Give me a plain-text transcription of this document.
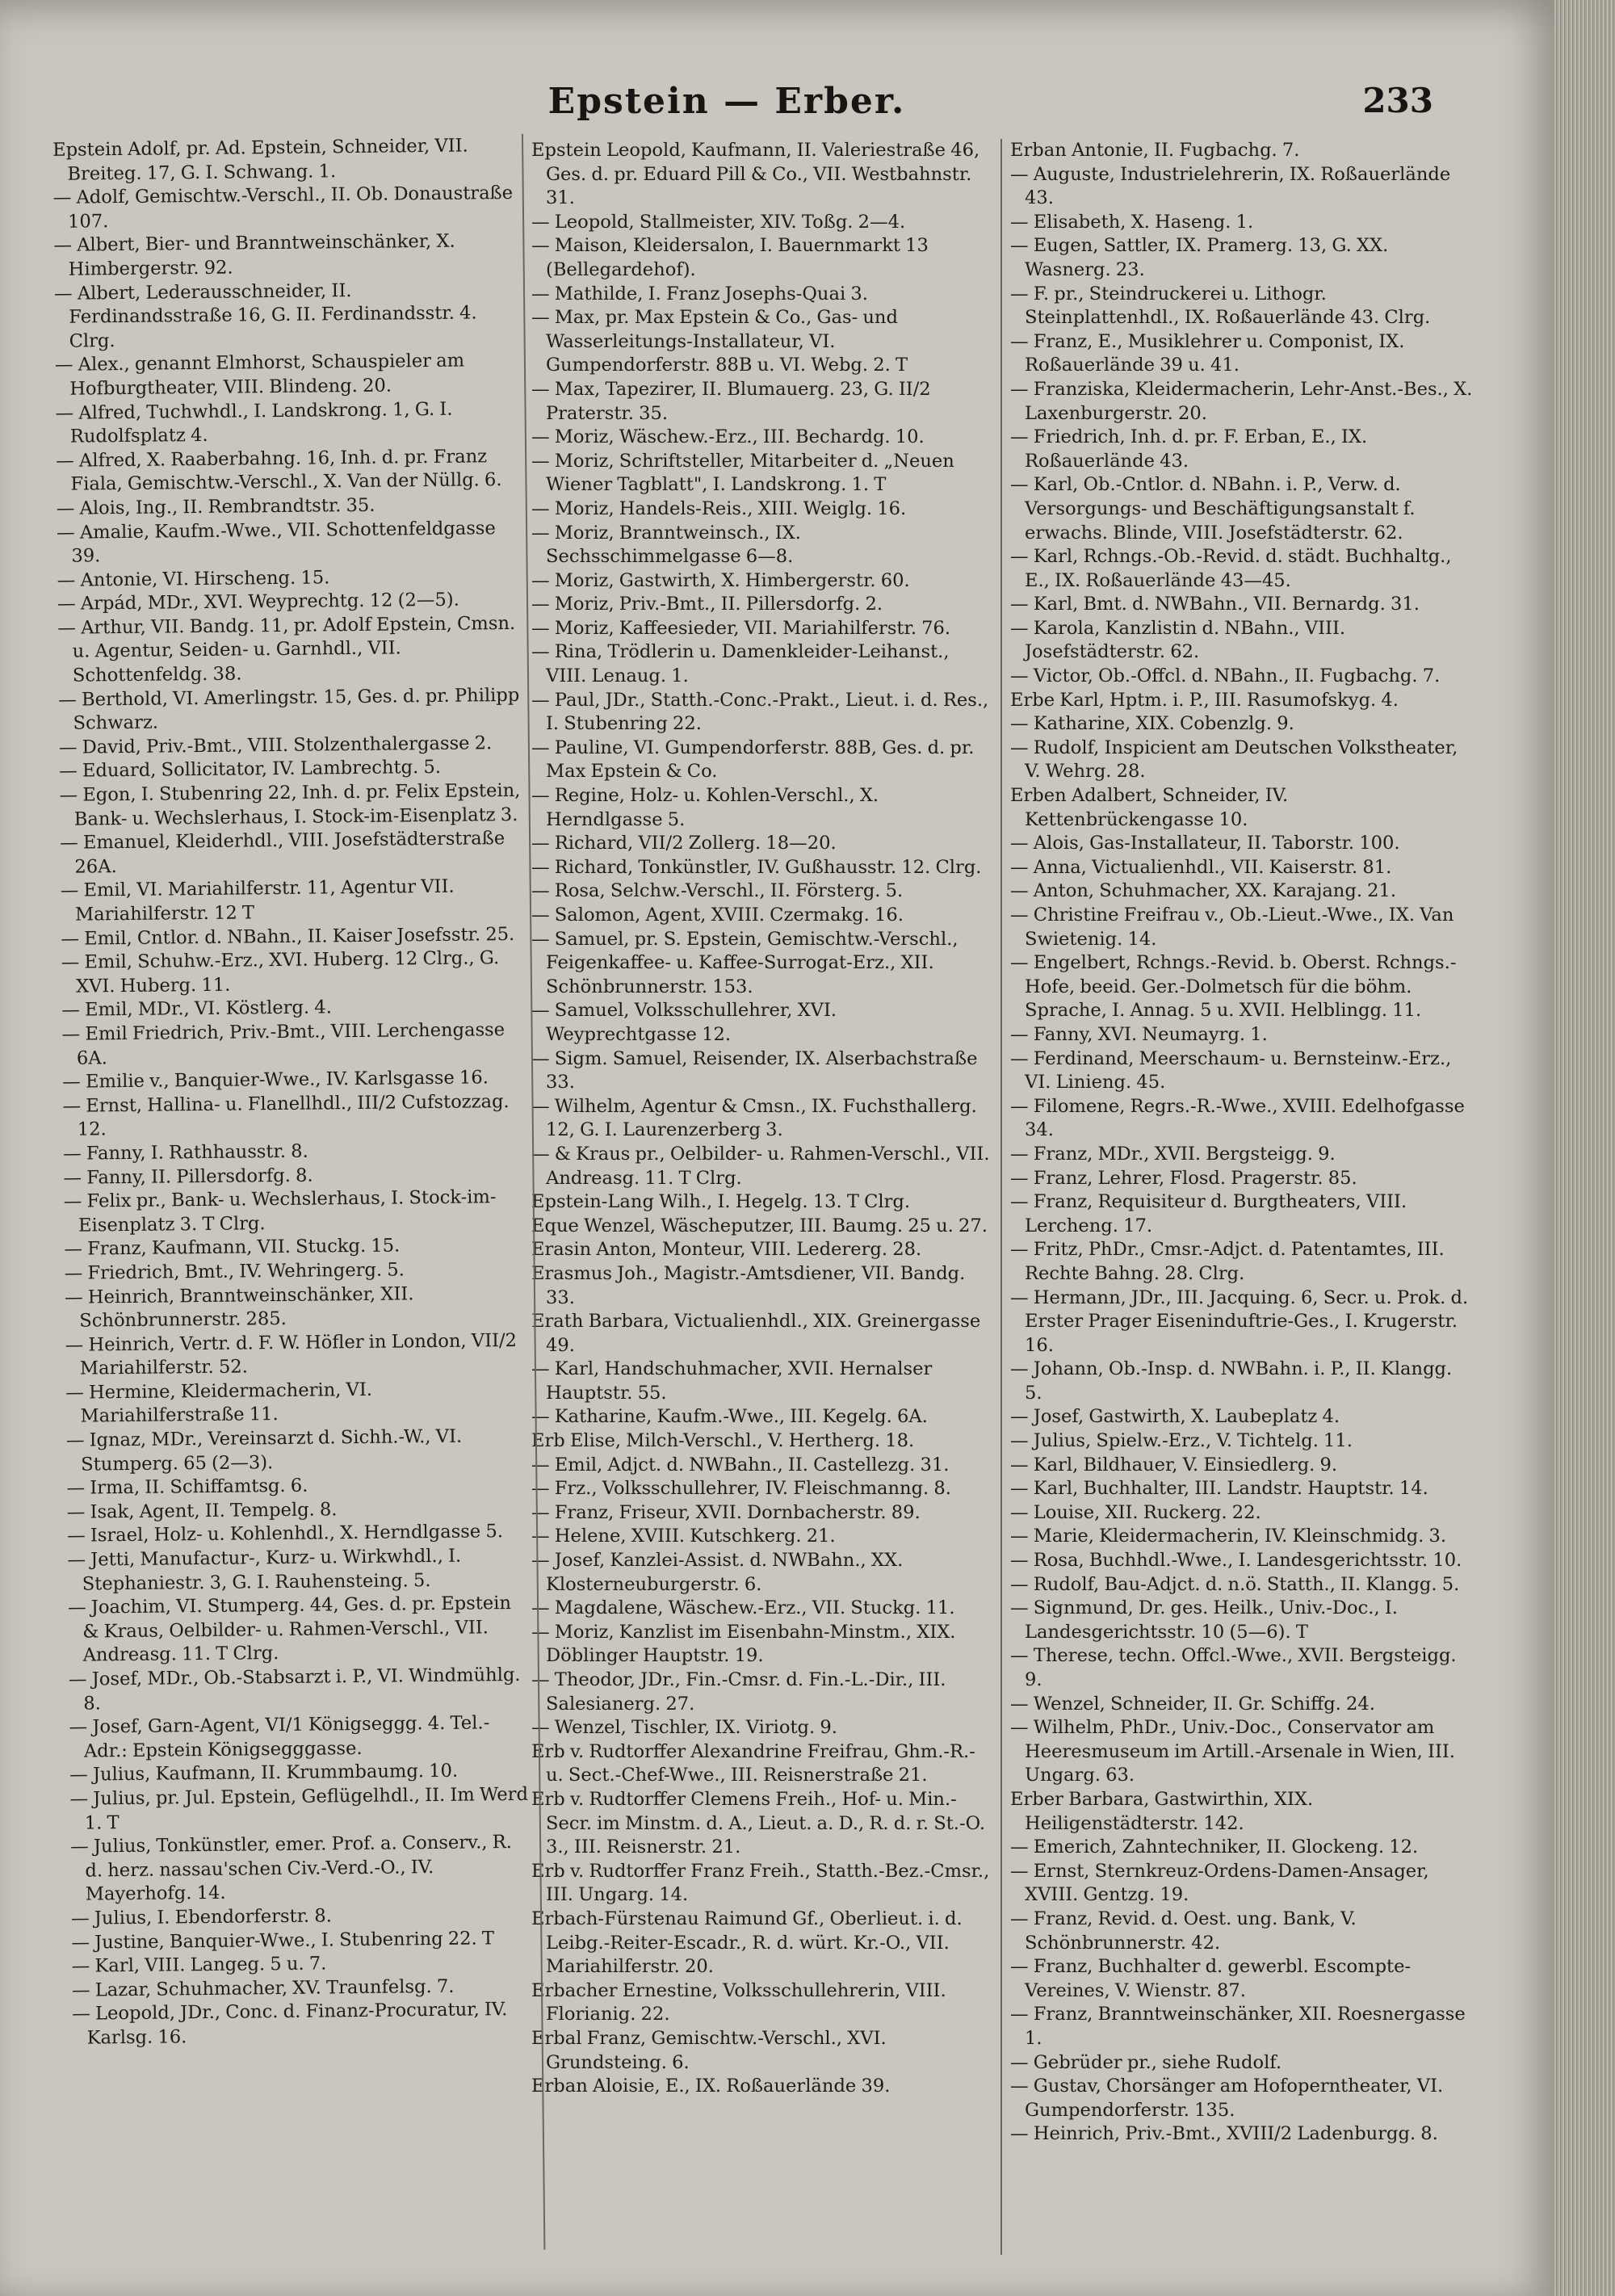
Epstein — Erber.	233
Epstein Adolf, pr. Ad. Epstein, Schneider, VII. Breiteg. 17, G. I. Schwang. 1.
— Adolf, Gemischtw.-Verschl., II. Ob. Donaustraße 107.
— Albert, Bier- und Branntweinschänker, X. Himbergerstr. 92.
— Albert, Lederausschneider, II. Ferdinandsstraße 16, G. II. Ferdinandsstr. 4. Clrg.
— Alex., genannt Elmhorst, Schauspieler am Hofburgtheater, VIII. Blindeng. 20.
— Alfred, Tuchwhdl., I. Landskrong. 1, G. I. Rudolfsplatz 4.
— Alfred, X. Raaberbahng. 16, Inh. d. pr. Franz Fiala, Gemischtw.-Verschl., X. Van der Nüllg. 6.
— Alois, Ing., II. Rembrandtstr. 35.
— Amalie, Kaufm.-Wwe., VII. Schottenfeldgasse 39.
— Antonie, VI. Hirscheng. 15.
— Arpád, MDr., XVI. Weyprechtg. 12 (2—5).
— Arthur, VII. Bandg. 11, pr. Adolf Epstein, Cmsn. u. Agentur, Seiden- u. Garnhdl., VII. Schottenfeldg. 38.
— Berthold, VI. Amerlingstr. 15, Ges. d. pr. Philipp Schwarz.
— David, Priv.-Bmt., VIII. Stolzenthalergasse 2.
— Eduard, Sollicitator, IV. Lambrechtg. 5.
— Egon, I. Stubenring 22, Inh. d. pr. Felix Epstein, Bank- u. Wechslerhaus, I. Stock-im-Eisenplatz 3.
— Emanuel, Kleiderhdl., VIII. Josefstädterstraße 26A.
— Emil, VI. Mariahilferstr. 11, Agentur VII. Mariahilferstr. 12 T
— Emil, Cntlor. d. NBahn., II. Kaiser Josefsstr. 25.
— Emil, Schuhw.-Erz., XVI. Huberg. 12 Clrg., G. XVI. Huberg. 11.
— Emil, MDr., VI. Köstlerg. 4.
— Emil Friedrich, Priv.-Bmt., VIII. Lerchengasse 6A.
— Emilie v., Banquier-Wwe., IV. Karlsgasse 16.
— Ernst, Hallina- u. Flanellhdl., III/2 Cufstozzag. 12.
— Fanny, I. Rathhausstr. 8.
— Fanny, II. Pillersdorfg. 8.
— Felix pr., Bank- u. Wechslerhaus, I. Stock-im-Eisenplatz 3. T Clrg.
— Franz, Kaufmann, VII. Stuckg. 15.
— Friedrich, Bmt., IV. Wehringerg. 5.
— Heinrich, Branntweinschänker, XII. Schönbrunnerstr. 285.
— Heinrich, Vertr. d. F. W. Höfler in London, VII/2 Mariahilferstr. 52.
— Hermine, Kleidermacherin, VI. Mariahilferstraße 11.
— Ignaz, MDr., Vereinsarzt d. Sichh.-W., VI. Stumperg. 65 (2—3).
— Irma, II. Schiffamtsg. 6.
— Isak, Agent, II. Tempelg. 8.
— Israel, Holz- u. Kohlenhdl., X. Herndlgasse 5.
— Jetti, Manufactur-, Kurz- u. Wirkwhdl., I. Stephaniestr. 3, G. I. Rauhensteing. 5.
— Joachim, VI. Stumperg. 44, Ges. d. pr. Epstein & Kraus, Oelbilder- u. Rahmen-Verschl., VII. Andreasg. 11. T Clrg.
— Josef, MDr., Ob.-Stabsarzt i. P., VI. Windmühlg. 8.
— Josef, Garn-Agent, VI/1 Königseggg. 4. Tel.-Adr.: Epstein Königsegggasse.
— Julius, Kaufmann, II. Krummbaumg. 10.
— Julius, pr. Jul. Epstein, Geflügelhdl., II. Im Werd 1. T
— Julius, Tonkünstler, emer. Prof. a. Conserv., R. d. herz. nassau'schen Civ.-Verd.-O., IV. Mayerhofg. 14.
— Julius, I. Ebendorferstr. 8.
— Justine, Banquier-Wwe., I. Stubenring 22. T
— Karl, VIII. Langeg. 5 u. 7.
— Lazar, Schuhmacher, XV. Traunfelsg. 7.
— Leopold, JDr., Conc. d. Finanz-Procuratur, IV. Karlsg. 16.
Epstein Leopold, Kaufmann, II. Valeriestraße 46, Ges. d. pr. Eduard Pill & Co., VII. Westbahnstr. 31.
— Leopold, Stallmeister, XIV. Toßg. 2—4.
— Maison, Kleidersalon, I. Bauernmarkt 13 (Bellegardehof).
— Mathilde, I. Franz Josephs-Quai 3.
— Max, pr. Max Epstein & Co., Gas- und Wasserleitungs-Installateur, VI. Gumpendorferstr. 88B u. VI. Webg. 2. T
— Max, Tapezirer, II. Blumauerg. 23, G. II/2 Praterstr. 35.
— Moriz, Wäschew.-Erz., III. Bechardg. 10.
— Moriz, Schriftsteller, Mitarbeiter d. „Neuen Wiener Tagblatt", I. Landskrong. 1. T
— Moriz, Handels-Reis., XIII. Weiglg. 16.
— Moriz, Branntweinsch., IX. Sechsschimmelgasse 6—8.
— Moriz, Gastwirth, X. Himbergerstr. 60.
— Moriz, Priv.-Bmt., II. Pillersdorfg. 2.
— Moriz, Kaffeesieder, VII. Mariahilferstr. 76.
— Rina, Trödlerin u. Damenkleider-Leihanst., VIII. Lenaug. 1.
— Paul, JDr., Statth.-Conc.-Prakt., Lieut. i. d. Res., I. Stubenring 22.
— Pauline, VI. Gumpendorferstr. 88B, Ges. d. pr. Max Epstein & Co.
— Regine, Holz- u. Kohlen-Verschl., X. Herndlgasse 5.
— Richard, VII/2 Zollerg. 18—20.
— Richard, Tonkünstler, IV. Gußhausstr. 12. Clrg.
— Rosa, Selchw.-Verschl., II. Försterg. 5.
— Salomon, Agent, XVIII. Czermakg. 16.
— Samuel, pr. S. Epstein, Gemischtw.-Verschl., Feigenkaffee- u. Kaffee-Surrogat-Erz., XII. Schönbrunnerstr. 153.
— Samuel, Volksschullehrer, XVI. Weyprechtgasse 12.
— Sigm. Samuel, Reisender, IX. Alserbachstraße 33.
— Wilhelm, Agentur & Cmsn., IX. Fuchsthallerg. 12, G. I. Laurenzerberg 3.
— & Kraus pr., Oelbilder- u. Rahmen-Verschl., VII. Andreasg. 11. T Clrg.
Epstein-Lang Wilh., I. Hegelg. 13. T Clrg.
Eque Wenzel, Wäscheputzer, III. Baumg. 25 u. 27.
Erasin Anton, Monteur, VIII. Ledererg. 28.
Erasmus Joh., Magistr.-Amtsdiener, VII. Bandg. 33.
Erath Barbara, Victualienhdl., XIX. Greinergasse 49.
— Karl, Handschuhmacher, XVII. Hernalser Hauptstr. 55.
— Katharine, Kaufm.-Wwe., III. Kegelg. 6A.
Erb Elise, Milch-Verschl., V. Hertherg. 18.
— Emil, Adjct. d. NWBahn., II. Castellezg. 31.
— Frz., Volksschullehrer, IV. Fleischmanng. 8.
— Franz, Friseur, XVII. Dornbacherstr. 89.
— Helene, XVIII. Kutschkerg. 21.
— Josef, Kanzlei-Assist. d. NWBahn., XX. Klosterneuburgerstr. 6.
— Magdalene, Wäschew.-Erz., VII. Stuckg. 11.
— Moriz, Kanzlist im Eisenbahn-Minstm., XIX. Döblinger Hauptstr. 19.
— Theodor, JDr., Fin.-Cmsr. d. Fin.-L.-Dir., III. Salesianerg. 27.
— Wenzel, Tischler, IX. Viriotg. 9.
Erb v. Rudtorffer Alexandrine Freifrau, Ghm.-R.- u. Sect.-Chef-Wwe., III. Reisnerstraße 21.
Erb v. Rudtorffer Clemens Freih., Hof- u. Min.-Secr. im Minstm. d. A., Lieut. a. D., R. d. r. St.-O. 3., III. Reisnerstr. 21.
Erb v. Rudtorffer Franz Freih., Statth.-Bez.-Cmsr., III. Ungarg. 14.
Erbach-Fürstenau Raimund Gf., Oberlieut. i. d. Leibg.-Reiter-Escadr., R. d. würt. Kr.-O., VII. Mariahilferstr. 20.
Erbacher Ernestine, Volksschullehrerin, VIII. Florianig. 22.
Erbal Franz, Gemischtw.-Verschl., XVI. Grundsteing. 6.
Erban Aloisie, E., IX. Roßauerlände 39.
Erban Antonie, II. Fugbachg. 7.
— Auguste, Industrielehrerin, IX. Roßauerlände 43.
— Elisabeth, X. Haseng. 1.
— Eugen, Sattler, IX. Pramerg. 13, G. XX. Wasnerg. 23.
— F. pr., Steindruckerei u. Lithogr. Steinplattenhdl., IX. Roßauerlände 43. Clrg.
— Franz, E., Musiklehrer u. Componist, IX. Roßauerlände 39 u. 41.
— Franziska, Kleidermacherin, Lehr-Anst.-Bes., X. Laxenburgerstr. 20.
— Friedrich, Inh. d. pr. F. Erban, E., IX. Roßauerlände 43.
— Karl, Ob.-Cntlor. d. NBahn. i. P., Verw. d. Versorgungs- und Beschäftigungsanstalt f. erwachs. Blinde, VIII. Josefstädterstr. 62.
— Karl, Rchngs.-Ob.-Revid. d. städt. Buchhaltg., E., IX. Roßauerlände 43—45.
— Karl, Bmt. d. NWBahn., VII. Bernardg. 31.
— Karola, Kanzlistin d. NBahn., VIII. Josefstädterstr. 62.
— Victor, Ob.-Offcl. d. NBahn., II. Fugbachg. 7.
Erbe Karl, Hptm. i. P., III. Rasumofskyg. 4.
— Katharine, XIX. Cobenzlg. 9.
— Rudolf, Inspicient am Deutschen Volkstheater, V. Wehrg. 28.
Erben Adalbert, Schneider, IV. Kettenbrückengasse 10.
— Alois, Gas-Installateur, II. Taborstr. 100.
— Anna, Victualienhdl., VII. Kaiserstr. 81.
— Anton, Schuhmacher, XX. Karajang. 21.
— Christine Freifrau v., Ob.-Lieut.-Wwe., IX. Van Swietenig. 14.
— Engelbert, Rchngs.-Revid. b. Oberst. Rchngs.-Hofe, beeid. Ger.-Dolmetsch für die böhm. Sprache, I. Annag. 5 u. XVII. Helblingg. 11.
— Fanny, XVI. Neumayrg. 1.
— Ferdinand, Meerschaum- u. Bernsteinw.-Erz., VI. Linieng. 45.
— Filomene, Regrs.-R.-Wwe., XVIII. Edelhofgasse 34.
— Franz, MDr., XVII. Bergsteigg. 9.
— Franz, Lehrer, Flosd. Pragerstr. 85.
— Franz, Requisiteur d. Burgtheaters, VIII. Lercheng. 17.
— Fritz, PhDr., Cmsr.-Adjct. d. Patentamtes, III. Rechte Bahng. 28. Clrg.
— Hermann, JDr., III. Jacquing. 6, Secr. u. Prok. d. Erster Prager Eiseninduftrie-Ges., I. Krugerstr. 16.
— Johann, Ob.-Insp. d. NWBahn. i. P., II. Klangg. 5.
— Josef, Gastwirth, X. Laubeplatz 4.
— Julius, Spielw.-Erz., V. Tichtelg. 11.
— Karl, Bildhauer, V. Einsiedlerg. 9.
— Karl, Buchhalter, III. Landstr. Hauptstr. 14.
— Louise, XII. Ruckerg. 22.
— Marie, Kleidermacherin, IV. Kleinschmidg. 3.
— Rosa, Buchhdl.-Wwe., I. Landesgerichtsstr. 10.
— Rudolf, Bau-Adjct. d. n.ö. Statth., II. Klangg. 5.
— Signmund, Dr. ges. Heilk., Univ.-Doc., I. Landesgerichtsstr. 10 (5—6). T
— Therese, techn. Offcl.-Wwe., XVII. Bergsteigg. 9.
— Wenzel, Schneider, II. Gr. Schiffg. 24.
— Wilhelm, PhDr., Univ.-Doc., Conservator am Heeresmuseum im Artill.-Arsenale in Wien, III. Ungarg. 63.
Erber Barbara, Gastwirthin, XIX. Heiligenstädterstr. 142.
— Emerich, Zahntechniker, II. Glockeng. 12.
— Ernst, Sternkreuz-Ordens-Damen-Ansager, XVIII. Gentzg. 19.
— Franz, Revid. d. Oest. ung. Bank, V. Schönbrunnerstr. 42.
— Franz, Buchhalter d. gewerbl. Escompte-Vereines, V. Wienstr. 87.
— Franz, Branntweinschänker, XII. Roesnergasse 1.
— Gebrüder pr., siehe Rudolf.
— Gustav, Chorsänger am Hofoperntheater, VI. Gumpendorferstr. 135.
— Heinrich, Priv.-Bmt., XVIII/2 Ladenburgg. 8.
